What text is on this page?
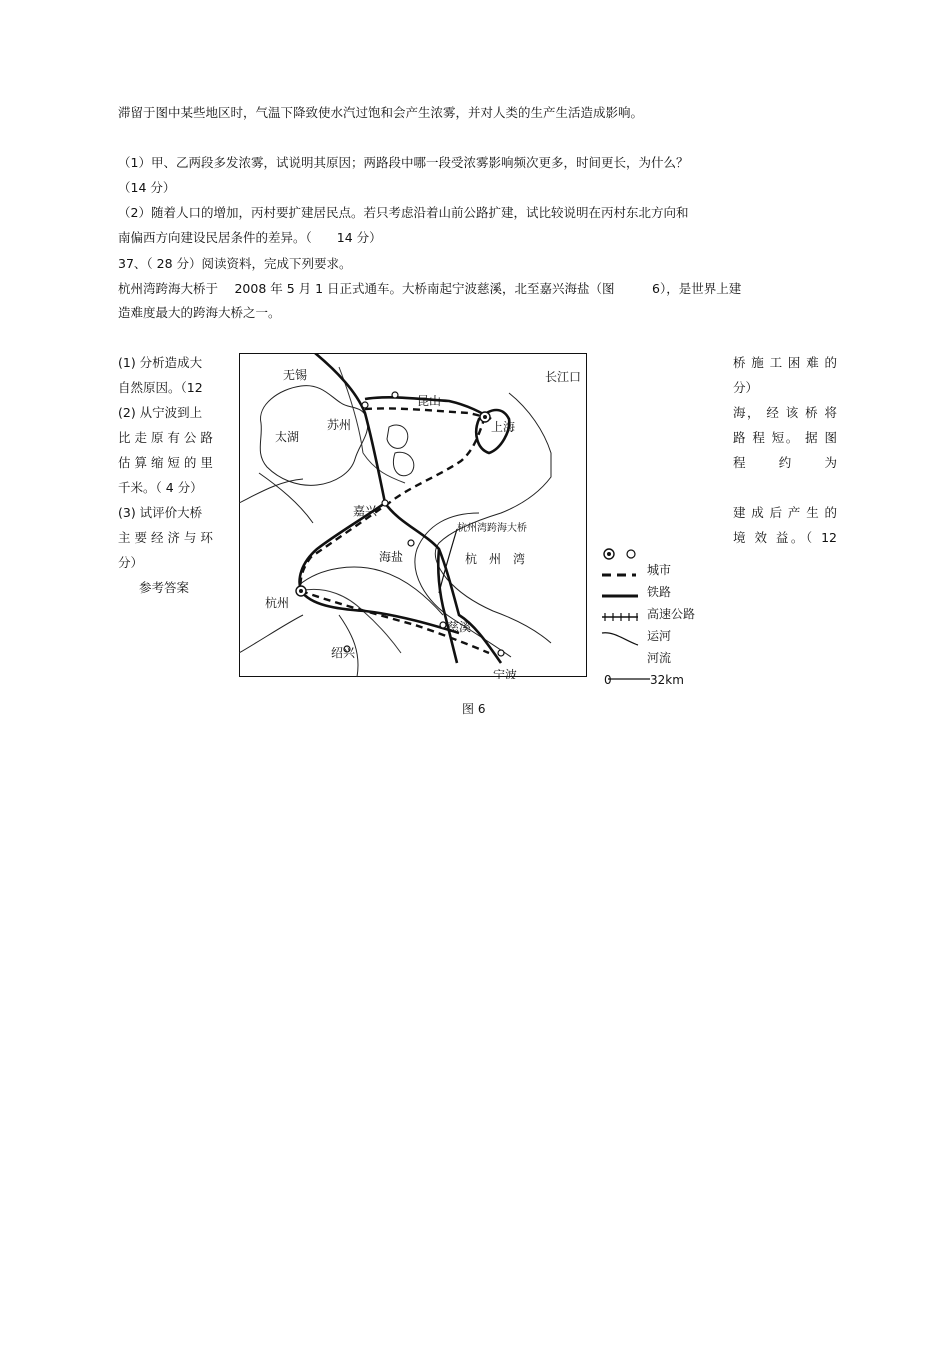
滞留于图中某些地区时，气温下降致使水汽过饱和会产生浓雾，并对人类的生产生活造成影响。
（1）甲、乙两段多发浓雾，试说明其原因；两路段中哪一段受浓雾影响频次更多，时间更长，为什么？
（14 分）
（2）随着人口的增加，丙村要扩建居民点。若只考虑沿着山前公路扩建，试比较说明在丙村东北方向和
南偏西方向建设民居条件的差异。（　　14 分）
37、（ 28 分）阅读资料，完成下列要求。
杭州湾跨海大桥于　 2008 年 5 月 1 日正式通车。大桥南起宁波慈溪，北至嘉兴海盐（图　　　6），是世界上建
造难度最大的跨海大桥之一。
(1) 分析造成大
自然原因。（12
(2) 从宁波到上
比 走 原 有 公 路
估 算 缩 短 的 里
千米。（ 4 分）
(3) 试评价大桥
主 要 经 济 与 环
分）
参考答案
桥 施 工 困 难 的
分）
海， 经 该 桥 将
路 程 短。 据 图
程　　约　　为
建 成 后 产 生 的
境 效 益。（ 12
无锡	长江口
昆山
苏州	上海
太湖
嘉兴
杭州湾跨海大桥
海盐	杭　州　湾
杭州
慈溪
绍兴
宁波
城市
铁路
高速公路
运河
河流
0	32km
图 6
